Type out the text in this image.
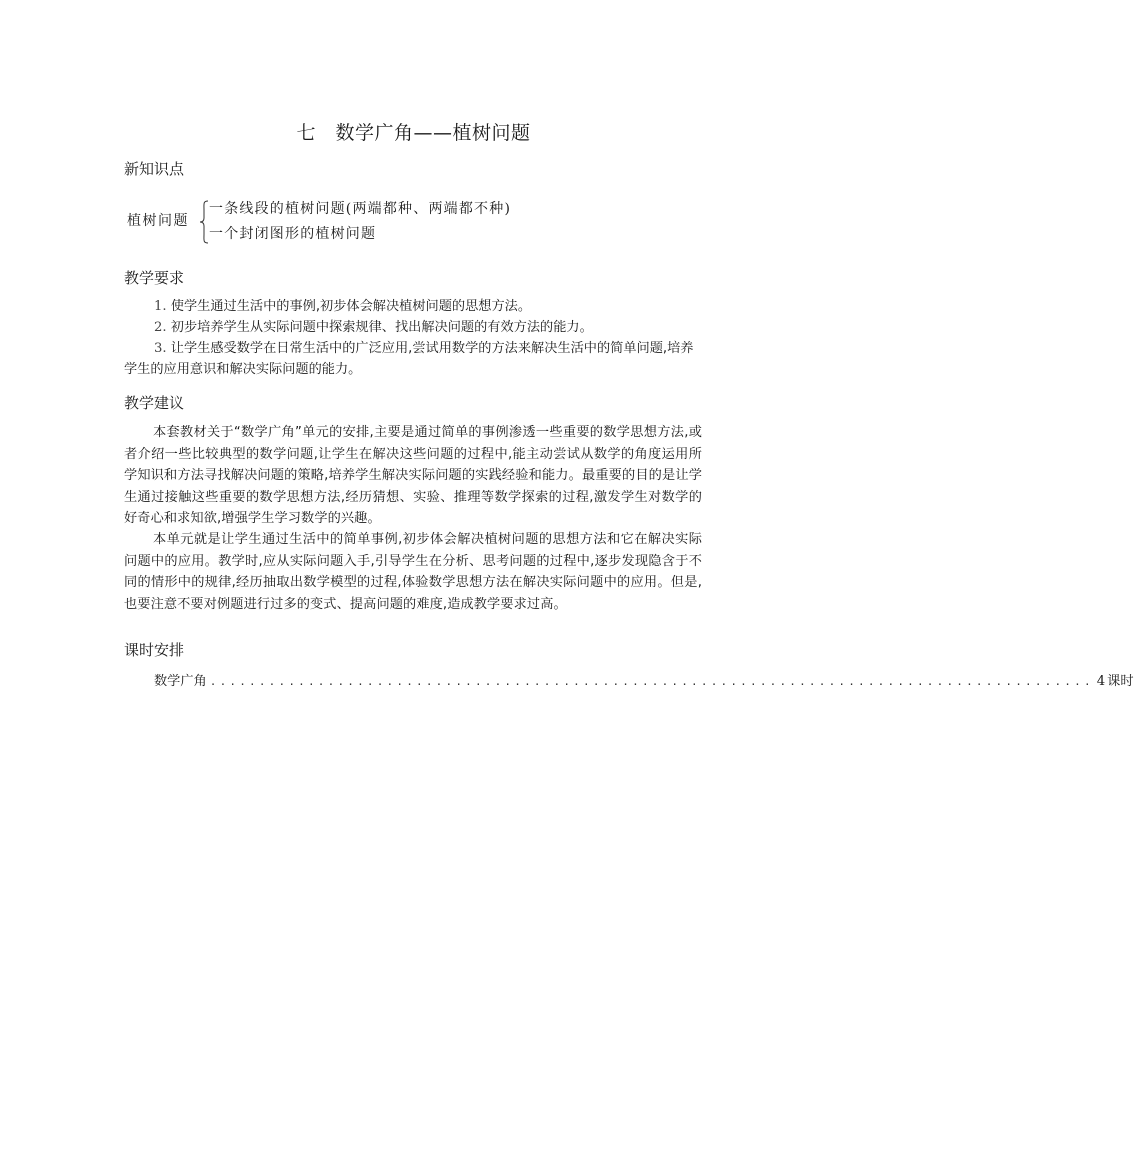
七　数学广角——植树问题
新知识点
植树问题
一条线段的植树问题(两端都种、两端都不种)
一个封闭图形的植树问题
教学要求
1. 使学生通过生活中的事例,初步体会解决植树问题的思想方法。
2. 初步培养学生从实际问题中探索规律、找出解决问题的有效方法的能力。
3. 让学生感受数学在日常生活中的广泛应用,尝试用数学的方法来解决生活中的简单问题,培养学生的应用意识和解决实际问题的能力。
教学建议
本套教材关于“数学广角”单元的安排,主要是通过简单的事例渗透一些重要的数学思想方法,或者介绍一些比较典型的数学问题,让学生在解决这些问题的过程中,能主动尝试从数学的角度运用所学知识和方法寻找解决问题的策略,培养学生解决实际问题的实践经验和能力。最重要的目的是让学生通过接触这些重要的数学思想方法,经历猜想、实验、推理等数学探索的过程,激发学生对数学的好奇心和求知欲,增强学生学习数学的兴趣。
本单元就是让学生通过生活中的简单事例,初步体会解决植树问题的思想方法和它在解决实际问题中的应用。教学时,应从实际问题入手,引导学生在分析、思考问题的过程中,逐步发现隐含于不同的情形中的规律,经历抽取出数学模型的过程,体验数学思想方法在解决实际问题中的应用。但是,也要注意不要对例题进行过多的变式、提高问题的难度,造成教学要求过高。
课时安排
数学广角 .......................................................................................... 4 课时
